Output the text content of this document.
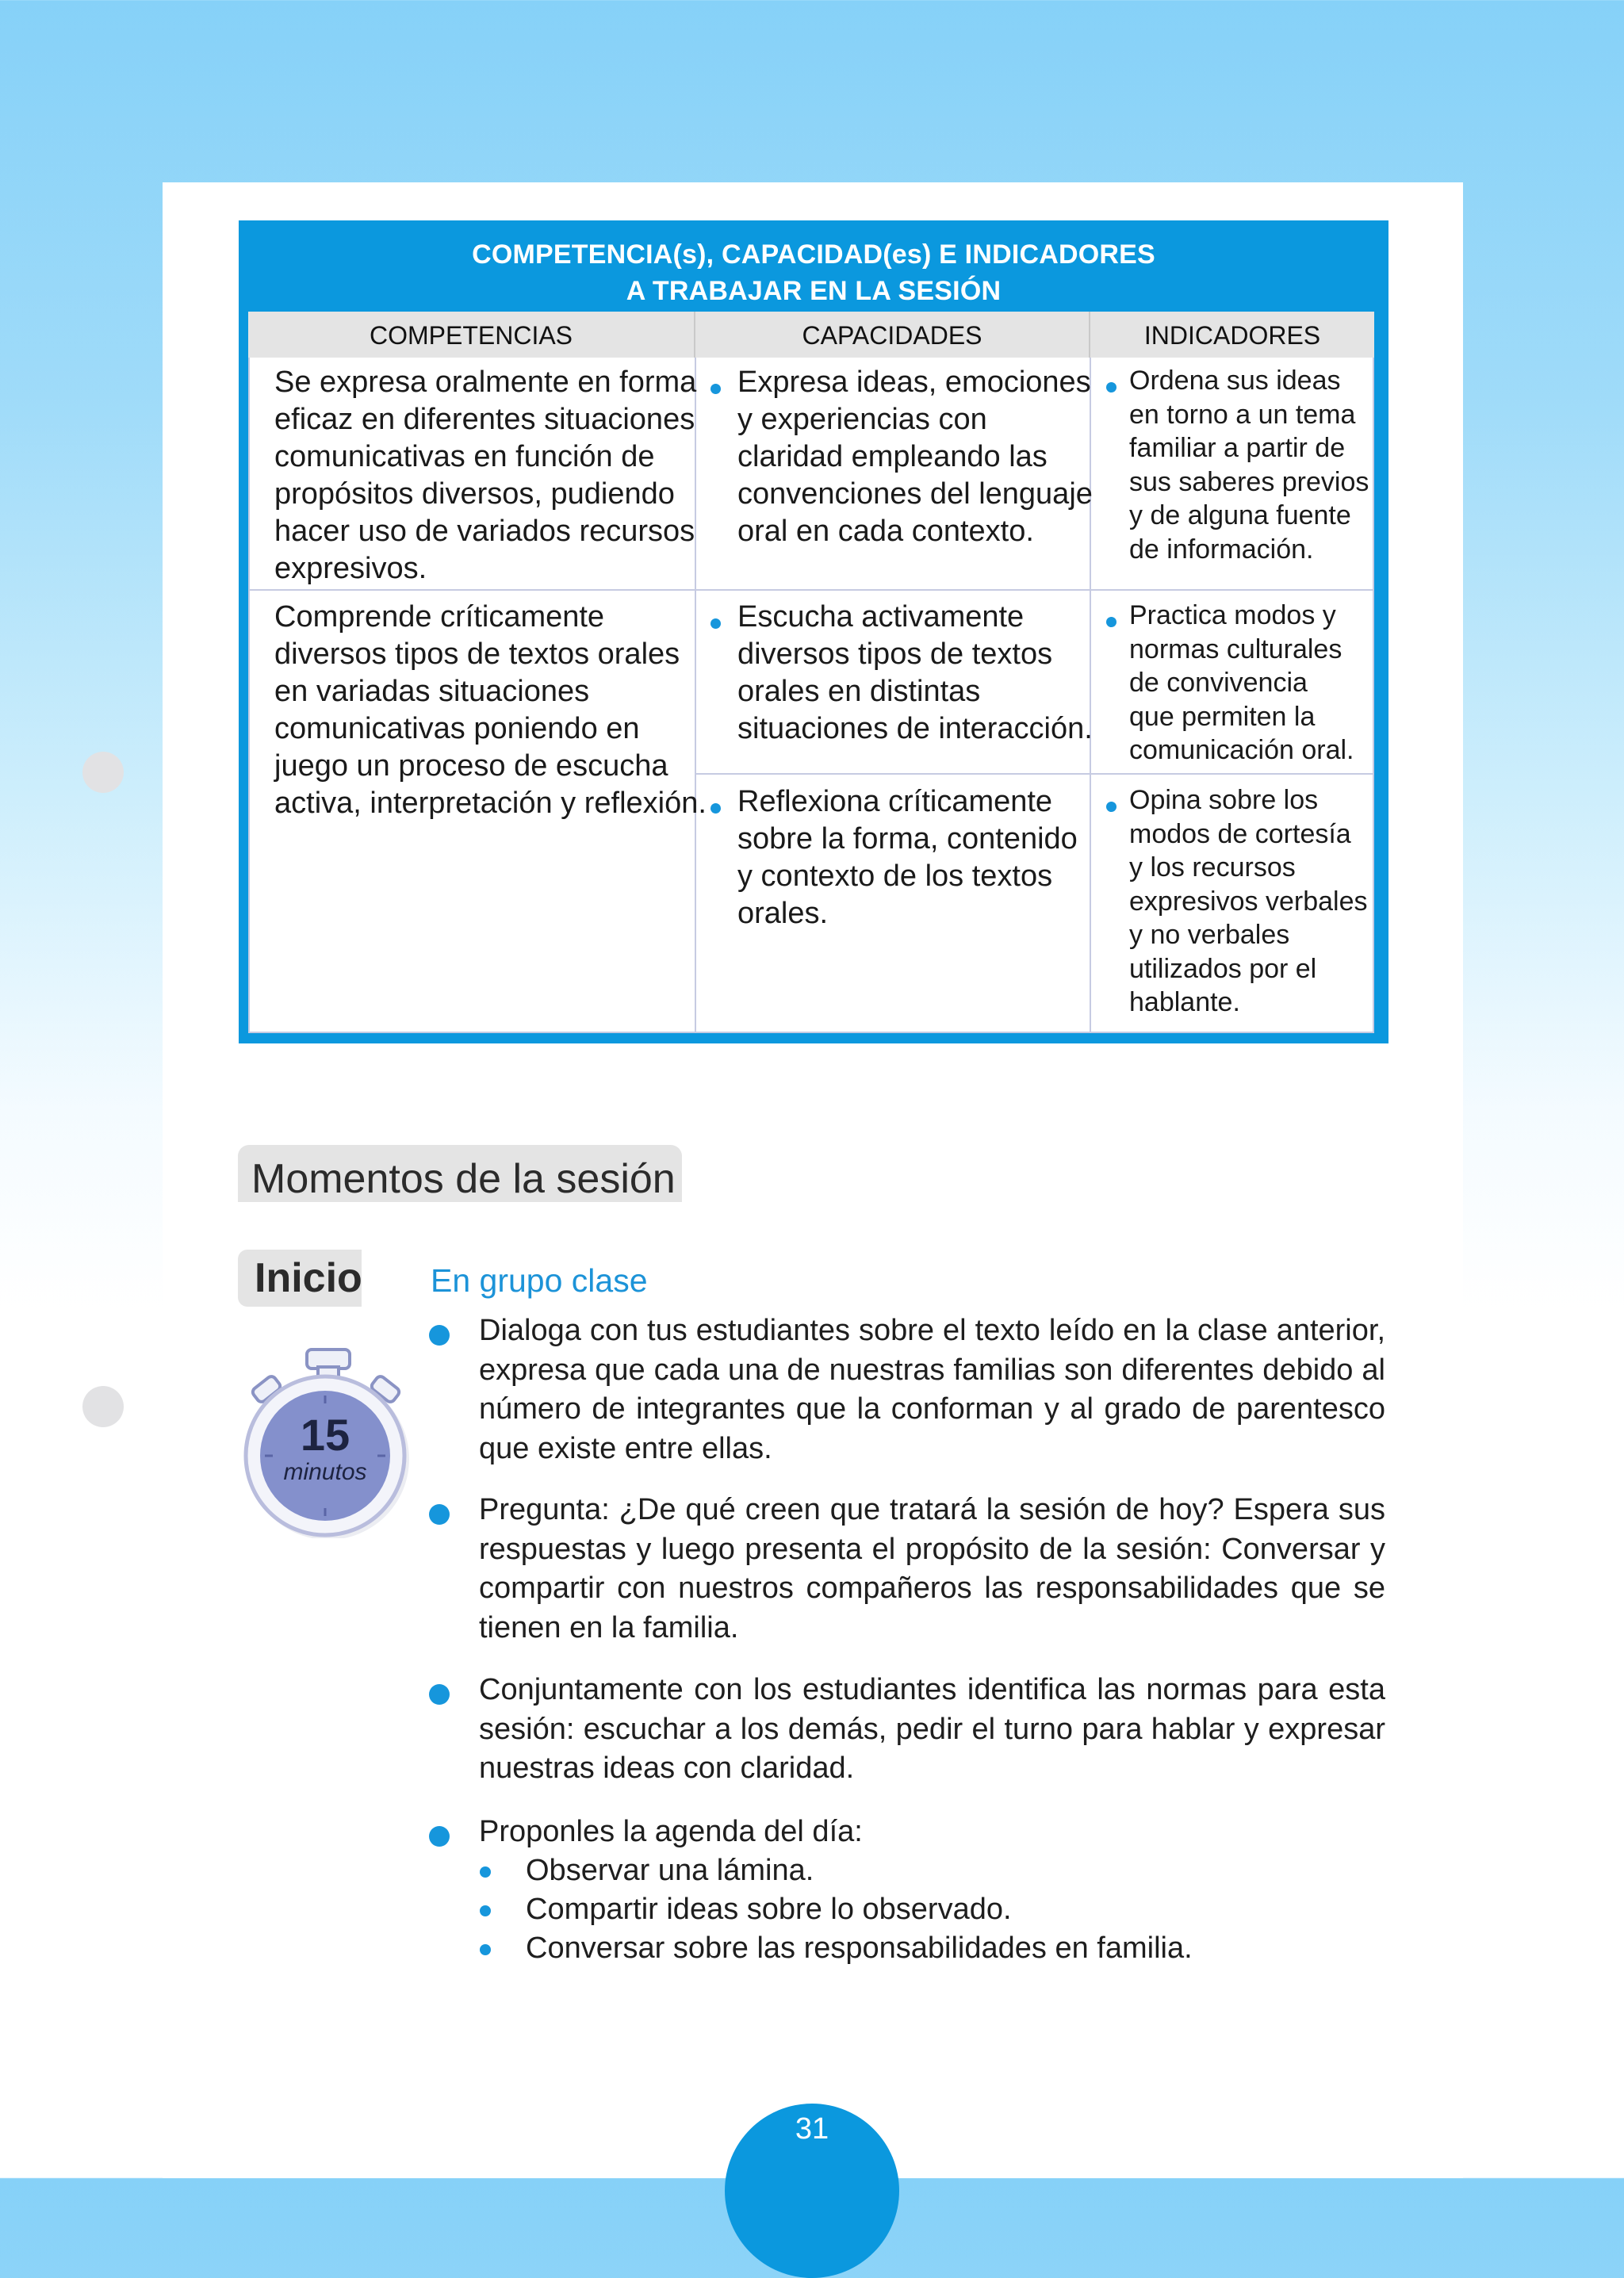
COMPETENCIA(s), CAPACIDAD(es) E INDICADORES
A TRABAJAR EN LA SESIÓN
COMPETENCIAS	CAPACIDADES	INDICADORES
Se expresa oralmente en forma
eficaz en diferentes situaciones
comunicativas en función de
propósitos diversos, pudiendo
hacer uso de variados recursos
expresivos.
Comprende críticamente
diversos tipos de textos orales
en variadas situaciones
comunicativas poniendo en
juego un proceso de escucha
activa, interpretación y reflexión.
Expresa ideas, emociones
y experiencias con
claridad empleando las
convenciones del lenguaje
oral en cada contexto.
Escucha activamente
diversos tipos de textos
orales en distintas
situaciones de interacción.
Reflexiona críticamente
sobre la forma, contenido
y contexto de los textos
orales.
Ordena sus ideas
en torno a un tema
familiar a partir de
sus saberes previos
y de alguna fuente
de información.
Practica modos y
normas culturales
de convivencia
que permiten la
comunicación oral.
Opina sobre los
modos de cortesía
y los recursos
expresivos verbales
y no verbales
utilizados por el
hablante.
Momentos de la sesión
Inicio
15
minutos
En grupo clase
Dialoga con tus estudiantes sobre el texto leído en la clase anterior, expresa que cada una de nuestras familias son diferentes debido al número de integrantes que la conforman y al grado de parentesco que existe entre ellas.
Pregunta: ¿De qué creen que tratará la sesión de hoy? Espera sus respuestas y luego presenta el propósito de la sesión: Conversar y compartir con nuestros compañeros las responsabilidades que se tienen en la familia.
Conjuntamente con los estudiantes identifica las normas para esta sesión: escuchar a los demás, pedir el turno para hablar y expresar nuestras ideas con claridad.
Proponles la agenda del día:
Observar una lámina.
Compartir ideas sobre lo observado.
Conversar sobre las responsabilidades en familia.
31
